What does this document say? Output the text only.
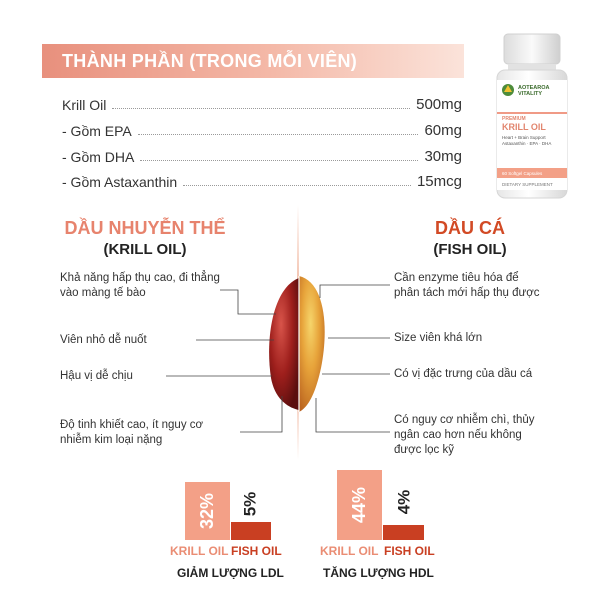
THÀNH PHẦN (TRONG MỖI VIÊN)
Krill Oil	500mg
- Gồm EPA	60mg
- Gồm DHA	30mg
- Gồm Astaxanthin	15mcg
AOTEAROA VITALITY
PREMIUM
KRILL OIL
Heart + Brain Support
Astaxanthin · EPA · DHA
60 Softgel Capsules
DIETARY SUPPLEMENT
DẦU NHUYỄN THỂ
(KRILL OIL)
DẦU CÁ
(FISH OIL)
Khả năng hấp thụ cao, đi thẳng vào màng tế bào
Viên nhỏ dễ nuốt
Hậu vị dễ chịu
Độ tinh khiết cao, ít nguy cơ nhiễm kim loại nặng
Cần enzyme tiêu hóa để phân tách mới hấp thụ được
Size viên khá lớn
Có vị đặc trưng của dầu cá
Có nguy cơ nhiễm chì, thủy ngân cao hơn nếu không được lọc kỹ
32% 5%
KRILL OIL FISH OIL
GIẢM LƯỢNG LDL
44% 4%
KRILL OIL FISH OIL
TĂNG LƯỢNG HDL
